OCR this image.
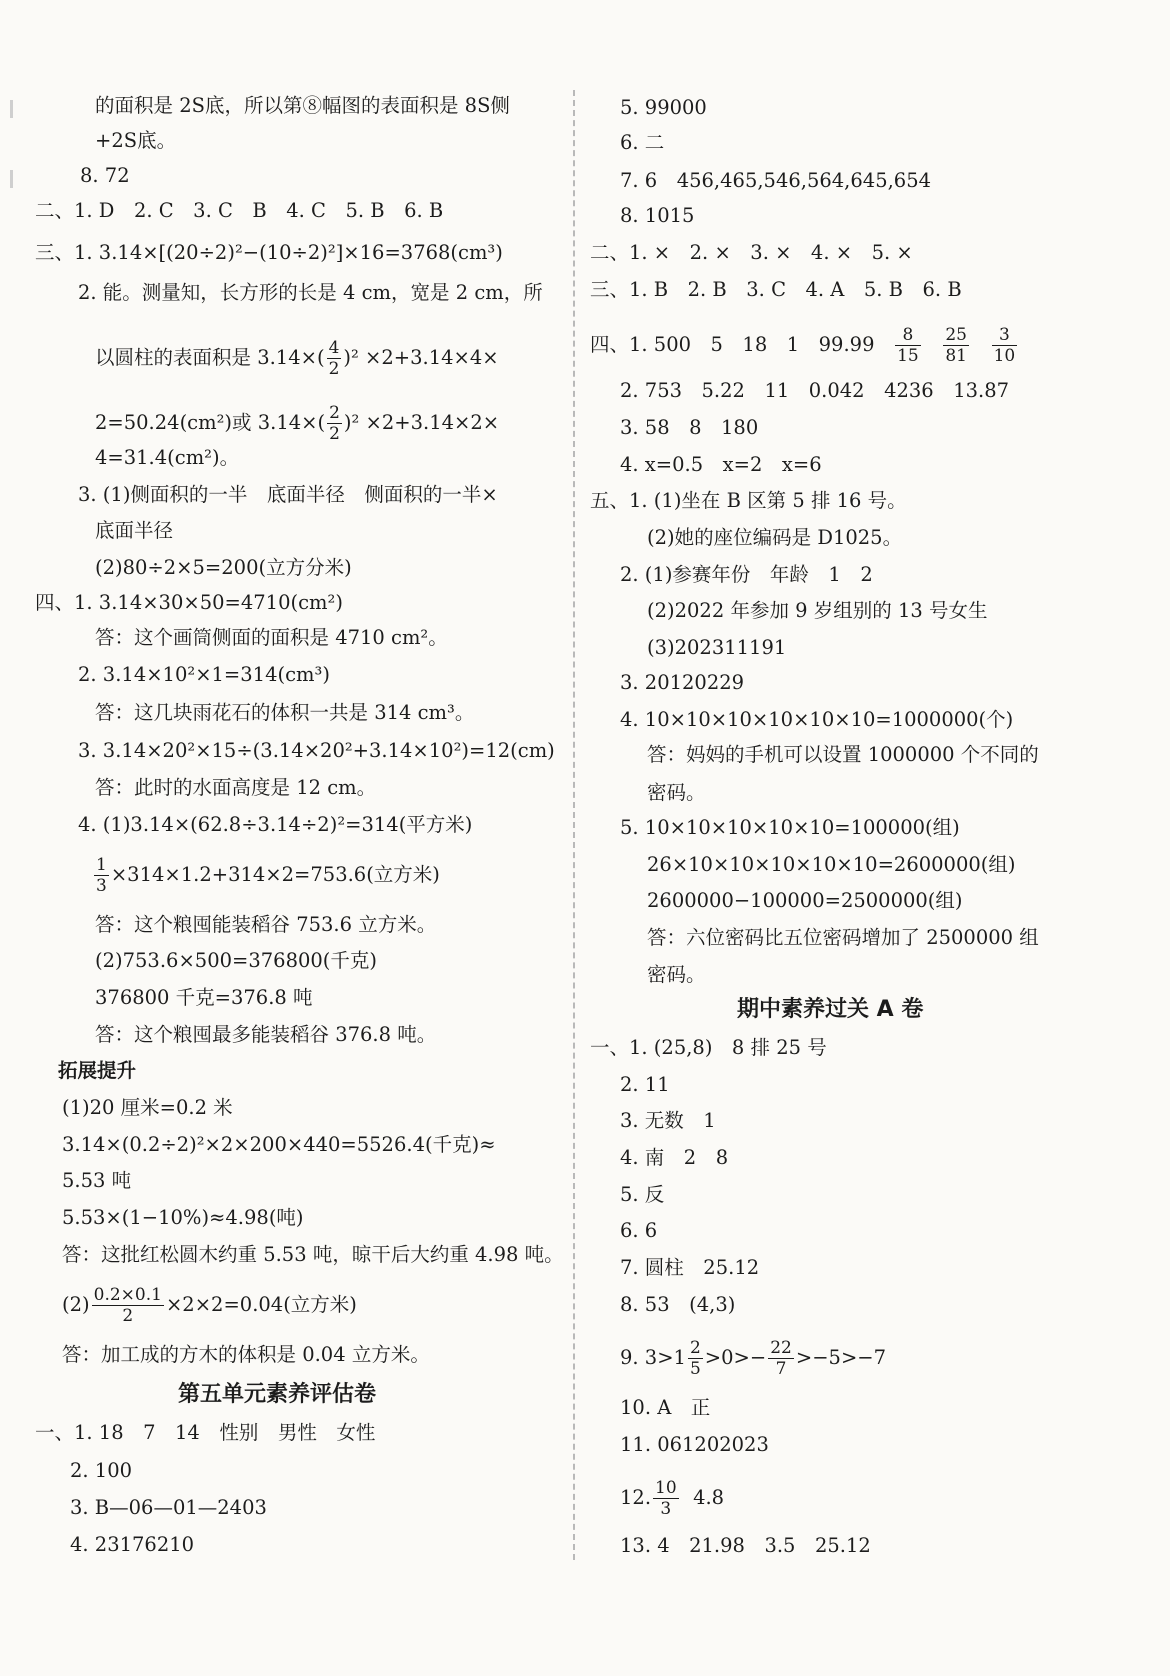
的面积是 2S底，所以第⑧幅图的表面积是 8S侧
+2S底。
8. 72
二、1. D　2. C　3. C　B　4. C　5. B　6. B
三、1. 3.14×[(20÷2)²−(10÷2)²]×16=3768(cm³)
2. 能。测量知，长方形的长是 4 cm，宽是 2 cm，所
以圆柱的表面积是 $3.14\times( \frac{4}{2} )^2 \times 2+3.14\times 4\times$
2=50.24(cm²)或 $3.14\times( \frac{2}{2} )^2 \times 2+3.14\times 2\times$
4=31.4(cm²)。
3. (1)侧面积的一半　底面半径　侧面积的一半×
底面半径
(2)80÷2×5=200(立方分米)
四、1. 3.14×30×50=4710(cm²)
答：这个画筒侧面的面积是 4710 cm²。
2. 3.14×10²×1=314(cm³)
答：这几块雨花石的体积一共是 314 cm³。
3. 3.14×20²×15÷(3.14×20²+3.14×10²)=12(cm)
答：此时的水面高度是 12 cm。
4. (1)3.14×(62.8÷3.14÷2)²=314(平方米)
$\frac{1}{3} \times 314\times 1.2+314\times 2=753.6$(立方米)
答：这个粮囤能装稻谷 753.6 立方米。
(2)753.6×500=376800(千克)
376800 千克=376.8 吨
答：这个粮囤最多能装稻谷 376.8 吨。
拓展提升
(1)20 厘米=0.2 米
3.14×(0.2÷2)²×2×200×440=5526.4(千克)≈
5.53 吨
5.53×(1−10%)≈4.98(吨)
答：这批红松圆木约重 5.53 吨，晾干后大约重 4.98 吨。
$(2) \frac{0.2\times 0.1}{2} \times 2\times 2=0.04$(立方米)
答：加工成的方木的体积是 0.04 立方米。
第五单元素养评估卷
一、1. 18　7　14　性别　男性　女性
2. 100
3. B—06—01—2403
4. 23176210
5. 99000
6. 二
7. 6　456,465,546,564,645,654
8. 1015
二、1. ×　2. ×　3. ×　4. ×　5. ×
三、1. B　2. B　3. C　4. A　5. B　6. B
四、1. 500　5　18　1　$99.99 \frac{8}{15}$
$\frac{25}{81}$
$\frac{3}{10}$
2. 753　5.22　11　0.042　4236　13.87
3. 58　8　180
4. x=0.5　x=2　x=6
五、1. (1)坐在 B 区第 5 排 16 号。
(2)她的座位编码是 D1025。
2. (1)参赛年份　年龄　1　2
(2)2022 年参加 9 岁组别的 13 号女生
(3)202311191
3. 20120229
4. 10×10×10×10×10×10=1000000(个)
答：妈妈的手机可以设置 1000000 个不同的
密码。
5. 10×10×10×10×10=100000(组)
26×10×10×10×10×10=2600000(组)
2600000−100000=2500000(组)
答：六位密码比五位密码增加了 2500000 组
密码。
期中素养过关 A 卷
一、1. (25,8)　8 排 25 号
2. 11
3. 无数　1
4. 南　2　8
5. 反
6. 6
7. 圆柱　25.12
8. 53　(4,3)
9. $3>1 \frac{2}{5} >0>- \frac{22}{7} >-5>-7$
10. A　正
11. 061202023
12. $\frac{10}{3} 4.8$
13. 4　21.98　3.5　25.12
